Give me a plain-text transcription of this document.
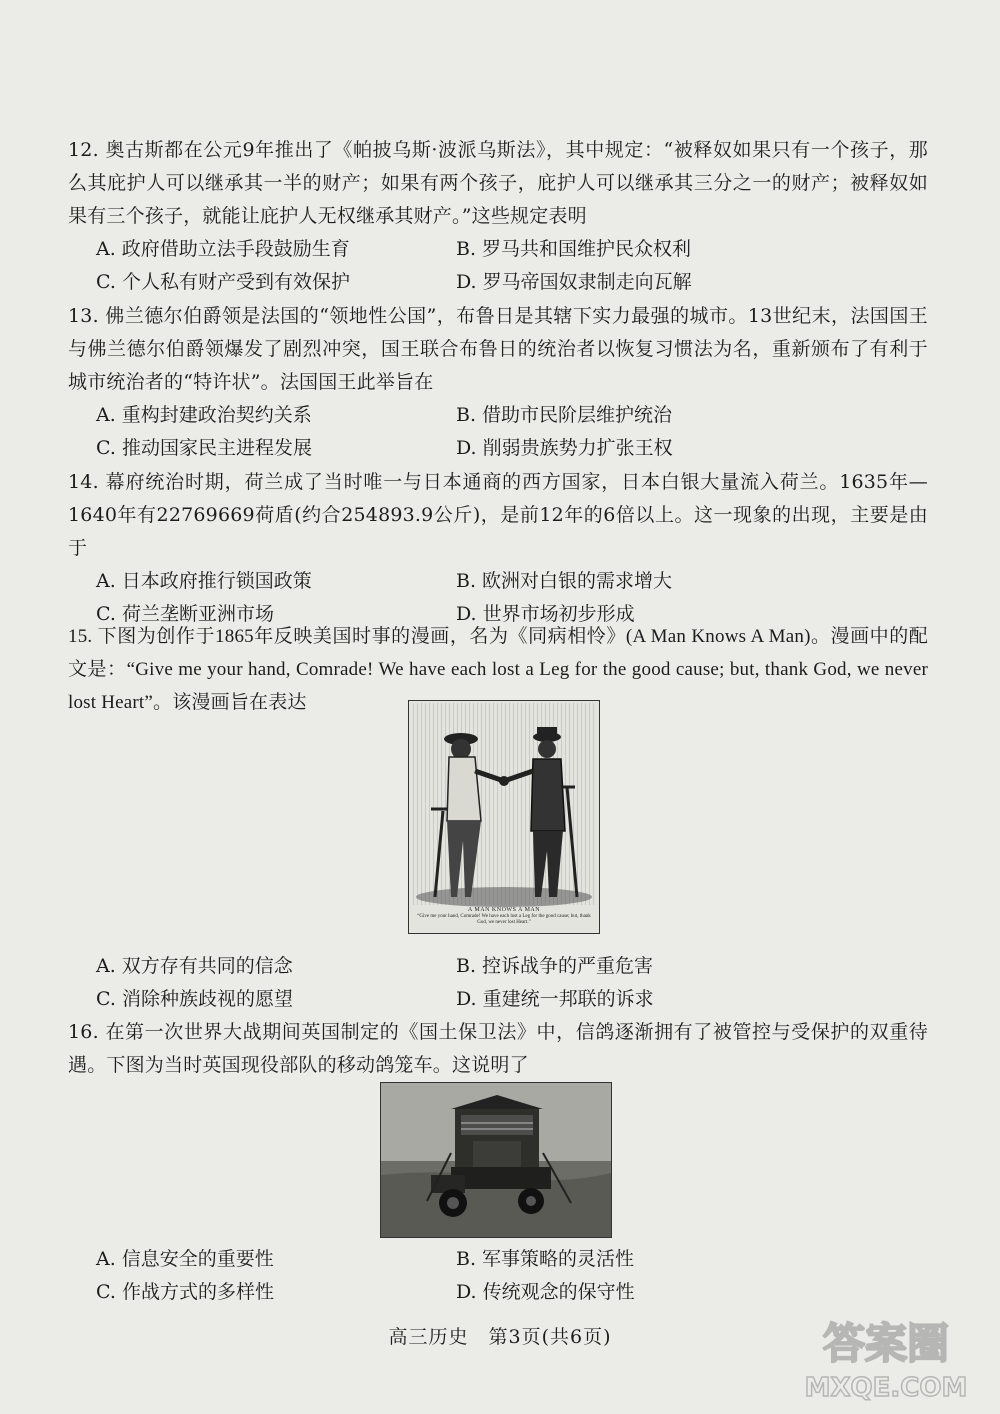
12. 奥古斯都在公元9年推出了《帕披乌斯·波派乌斯法》，其中规定：“被释奴如果只有一个孩子，那么其庇护人可以继承其一半的财产；如果有两个孩子，庇护人可以继承其三分之一的财产；被释奴如果有三个孩子，就能让庇护人无权继承其财产。”这些规定表明

A. 政府借助立法手段鼓励生育	B. 罗马共和国维护民众权利
C. 个人私有财产受到有效保护	D. 罗马帝国奴隶制走向瓦解

13. 佛兰德尔伯爵领是法国的“领地性公国”，布鲁日是其辖下实力最强的城市。13世纪末，法国国王与佛兰德尔伯爵领爆发了剧烈冲突，国王联合布鲁日的统治者以恢复习惯法为名，重新颁布了有利于城市统治者的“特许状”。法国国王此举旨在

A. 重构封建政治契约关系	B. 借助市民阶层维护统治
C. 推动国家民主进程发展	D. 削弱贵族势力扩张王权

14. 幕府统治时期，荷兰成了当时唯一与日本通商的西方国家，日本白银大量流入荷兰。1635年—1640年有22769669荷盾(约合254893.9公斤)，是前12年的6倍以上。这一现象的出现，主要是由于

A. 日本政府推行锁国政策	B. 欧洲对白银的需求增大
C. 荷兰垄断亚洲市场	D. 世界市场初步形成

15. 下图为创作于1865年反映美国时事的漫画，名为《同病相怜》(A Man Knows A Man)。漫画中的配文是：“Give me your hand, Comrade! We have each lost a Leg for the good cause; but, thank God, we never lost Heart”。该漫画旨在表达

A MAN KNOWS A MAN
“Give me your hand, Comrade! We have each lost a Leg for the good cause; but, thank God, we never lost Heart.”
A. 双方存有共同的信念	B. 控诉战争的严重危害
C. 消除种族歧视的愿望	D. 重建统一邦联的诉求

16. 在第一次世界大战期间英国制定的《国土保卫法》中，信鸽逐渐拥有了被管控与受保护的双重待遇。下图为当时英国现役部队的移动鸽笼车。这说明了

A. 信息安全的重要性	B. 军事策略的灵活性
C. 作战方式的多样性	D. 传统观念的保守性
高三历史　第3页(共6页)	答案圈
MXQE.COM
